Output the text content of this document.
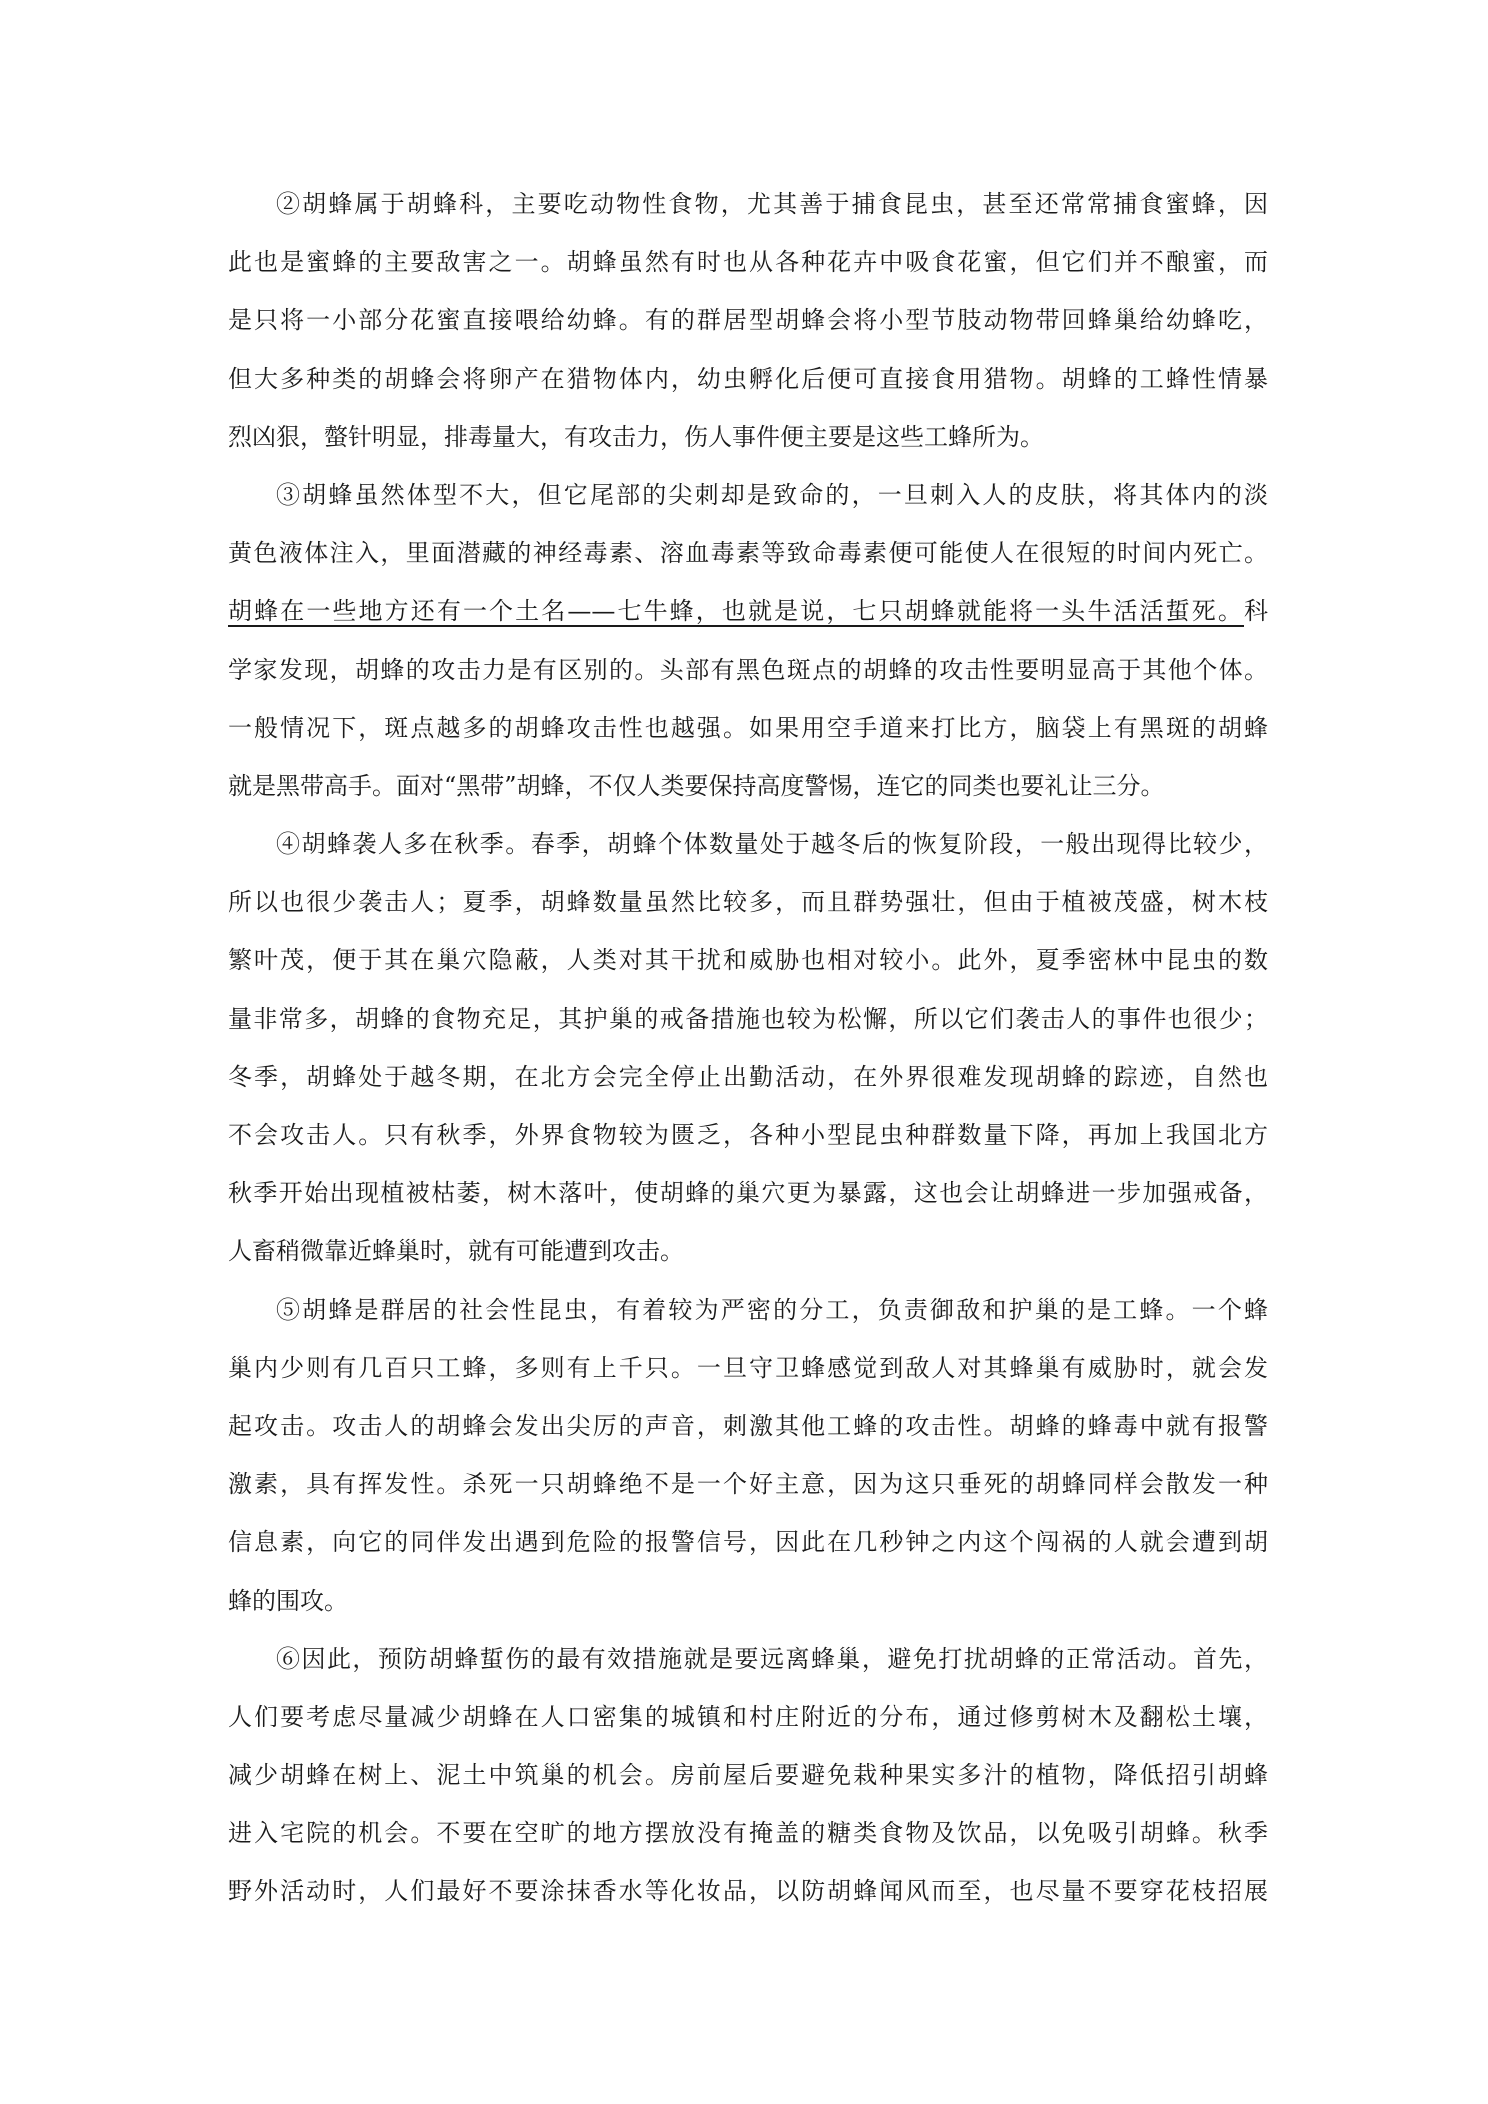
②胡蜂属于胡蜂科，主要吃动物性食物，尤其善于捕食昆虫，甚至还常常捕食蜜蜂，因
此也是蜜蜂的主要敌害之一。胡蜂虽然有时也从各种花卉中吸食花蜜，但它们并不酿蜜，而
是只将一小部分花蜜直接喂给幼蜂。有的群居型胡蜂会将小型节肢动物带回蜂巢给幼蜂吃，
但大多种类的胡蜂会将卵产在猎物体内，幼虫孵化后便可直接食用猎物。胡蜂的工蜂性情暴
烈凶狠，螫针明显，排毒量大，有攻击力，伤人事件便主要是这些工蜂所为。
③胡蜂虽然体型不大，但它尾部的尖刺却是致命的，一旦刺入人的皮肤，将其体内的淡
黄色液体注入，里面潜藏的神经毒素、溶血毒素等致命毒素便可能使人在很短的时间内死亡。
胡蜂在一些地方还有一个土名——七牛蜂，也就是说，七只胡蜂就能将一头牛活活蜇死。科
学家发现，胡蜂的攻击力是有区别的。头部有黑色斑点的胡蜂的攻击性要明显高于其他个体。
一般情况下，斑点越多的胡蜂攻击性也越强。如果用空手道来打比方，脑袋上有黑斑的胡蜂
就是黑带高手。面对“黑带”胡蜂，不仅人类要保持高度警惕，连它的同类也要礼让三分。
④胡蜂袭人多在秋季。春季，胡蜂个体数量处于越冬后的恢复阶段，一般出现得比较少，
所以也很少袭击人；夏季，胡蜂数量虽然比较多，而且群势强壮，但由于植被茂盛，树木枝
繁叶茂，便于其在巢穴隐蔽，人类对其干扰和威胁也相对较小。此外，夏季密林中昆虫的数
量非常多，胡蜂的食物充足，其护巢的戒备措施也较为松懈，所以它们袭击人的事件也很少；
冬季，胡蜂处于越冬期，在北方会完全停止出勤活动，在外界很难发现胡蜂的踪迹，自然也
不会攻击人。只有秋季，外界食物较为匮乏，各种小型昆虫种群数量下降，再加上我国北方
秋季开始出现植被枯萎，树木落叶，使胡蜂的巢穴更为暴露，这也会让胡蜂进一步加强戒备，
人畜稍微靠近蜂巢时，就有可能遭到攻击。
⑤胡蜂是群居的社会性昆虫，有着较为严密的分工，负责御敌和护巢的是工蜂。一个蜂
巢内少则有几百只工蜂，多则有上千只。一旦守卫蜂感觉到敌人对其蜂巢有威胁时，就会发
起攻击。攻击人的胡蜂会发出尖厉的声音，刺激其他工蜂的攻击性。胡蜂的蜂毒中就有报警
激素，具有挥发性。杀死一只胡蜂绝不是一个好主意，因为这只垂死的胡蜂同样会散发一种
信息素，向它的同伴发出遇到危险的报警信号，因此在几秒钟之内这个闯祸的人就会遭到胡
蜂的围攻。
⑥因此，预防胡蜂蜇伤的最有效措施就是要远离蜂巢，避免打扰胡蜂的正常活动。首先，
人们要考虑尽量减少胡蜂在人口密集的城镇和村庄附近的分布，通过修剪树木及翻松土壤，
减少胡蜂在树上、泥土中筑巢的机会。房前屋后要避免栽种果实多汁的植物，降低招引胡蜂
进入宅院的机会。不要在空旷的地方摆放没有掩盖的糖类食物及饮品，以免吸引胡蜂。秋季
野外活动时，人们最好不要涂抹香水等化妆品，以防胡蜂闻风而至，也尽量不要穿花枝招展
